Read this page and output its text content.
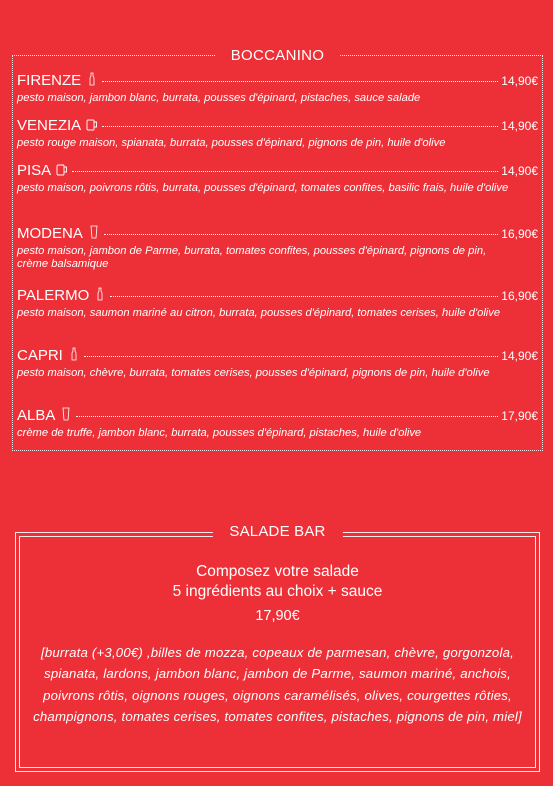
BOCCANINO
FIRENZE	14,90€
pesto maison, jambon blanc, burrata, pousses d'épinard, pistaches, sauce salade
VENEZIA	14,90€
pesto rouge maison, spianata, burrata, pousses d'épinard, pignons de pin, huile d'olive
PISA	14,90€
pesto maison, poivrons rôtis, burrata, pousses d'épinard, tomates confites, basilic frais, huile d'olive
MODENA	16,90€
pesto maison, jambon de Parme, burrata, tomates confites, pousses d'épinard, pignons de pin, crème balsamique
PALERMO	16,90€
pesto maison, saumon mariné au citron, burrata, pousses d'épinard, tomates cerises, huile d'olive
CAPRI	14,90€
pesto maison, chèvre, burrata, tomates cerises, pousses d'épinard, pignons de pin, huile d'olive
ALBA	17,90€
crème de truffe, jambon blanc, burrata, pousses d'épinard, pistaches, huile d'olive
SALADE BAR
Composez votre salade
5 ingrédients au choix + sauce
17,90€
[burrata (+3,00€) ,billes de mozza, copeaux de parmesan, chèvre, gorgonzola, spianata, lardons, jambon blanc, jambon de Parme, saumon mariné, anchois, poivrons rôtis, oignons rouges, oignons caramélisés, olives, courgettes rôties, champignons, tomates cerises, tomates confites, pistaches, pignons de pin, miel]
